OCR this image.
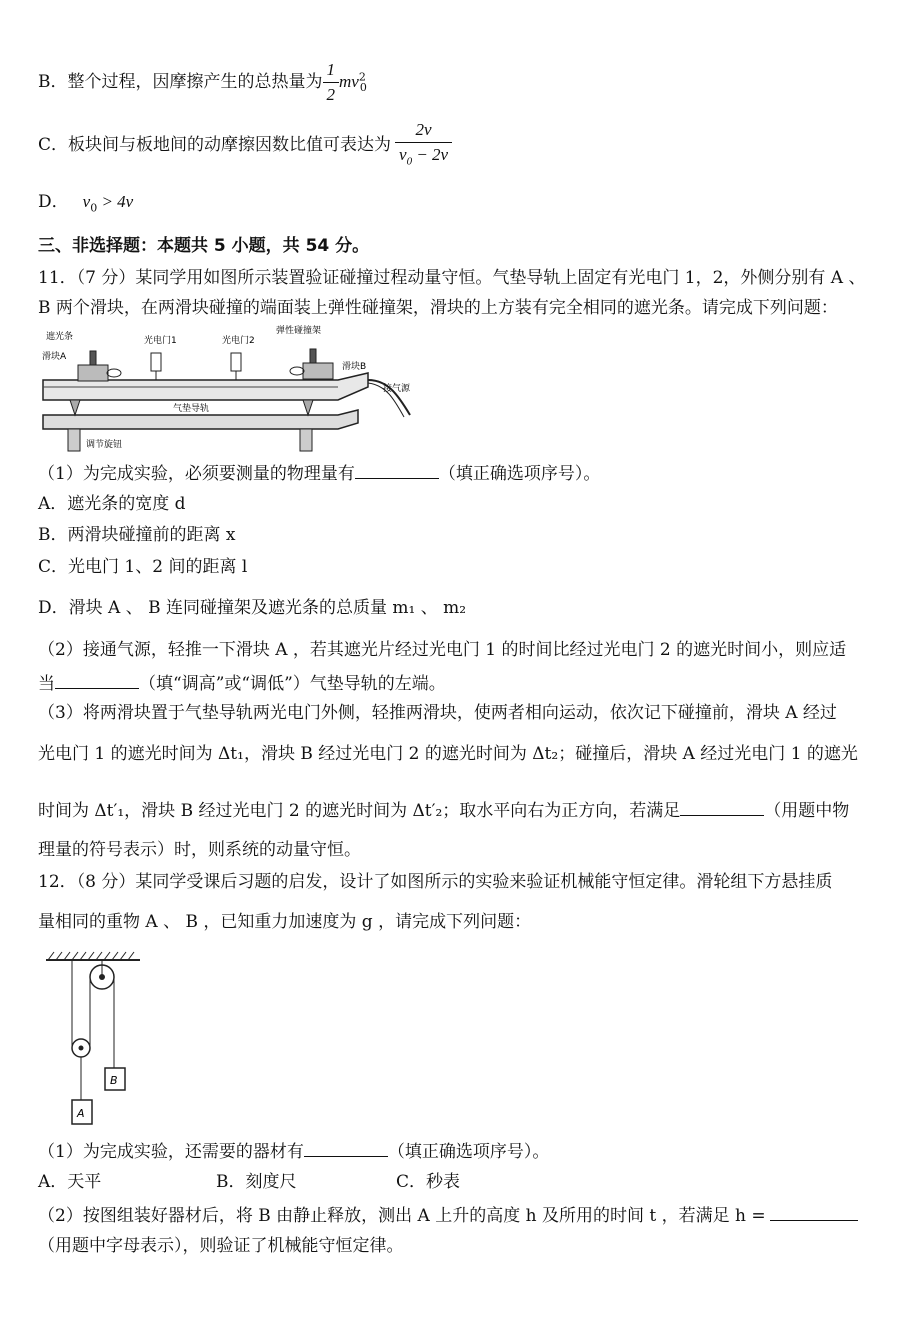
B．整个过程，因摩擦产生的总热量为 $\frac{1}{2} mv^2_0$
C．板块间与板地间的动摩擦因数比值可表达为 $\frac{2v}{v_0 - 2v}$
D． $v_0 > 4v$
三、非选择题：本题共 5 小题，共 54 分。
11．（7 分）某同学用如图所示装置验证碰撞过程动量守恒。气垫导轨上固定有光电门 1，2，外侧分别有 A 、
B 两个滑块，在两滑块碰撞的端面装上弹性碰撞架，滑块的上方装有完全相同的遮光条。请完成下列问题：
遮光条
滑块A
光电门1	光电门2
弹性碰撞架
滑块B
接气源
气垫导轨
调节旋钮
（1）为完成实验，必须要测量的物理量有	（填正确选项序号）。
A．遮光条的宽度 d
B．两滑块碰撞前的距离 x
C．光电门 1、2 间的距离 l
D．滑块 A 、 B 连同碰撞架及遮光条的总质量 m₁ 、 m₂
（2）接通气源，轻推一下滑块 A ，若其遮光片经过光电门 1 的时间比经过光电门 2 的遮光时间小，则应适
当	（填“调高”或“调低”）气垫导轨的左端。
（3）将两滑块置于气垫导轨两光电门外侧，轻推两滑块，使两者相向运动，依次记下碰撞前，滑块 A 经过
光电门 1 的遮光时间为 Δt₁，滑块 B 经过光电门 2 的遮光时间为 Δt₂；碰撞后，滑块 A 经过光电门 1 的遮光
时间为 Δt′₁，滑块 B 经过光电门 2 的遮光时间为 Δt′₂；取水平向右为正方向，若满足	（用题中物
理量的符号表示）时，则系统的动量守恒。
12．（8 分）某同学受课后习题的启发，设计了如图所示的实验来验证机械能守恒定律。滑轮组下方悬挂质
量相同的重物 A 、 B ，已知重力加速度为 g ，请完成下列问题：
B
A
（1）为完成实验，还需要的器材有	（填正确选项序号）。
A．天平	B．刻度尺	C．秒表
（2）按图组装好器材后，将 B 由静止释放，测出 A 上升的高度 h 及所用的时间 t ，若满足 h =
（用题中字母表示），则验证了机械能守恒定律。
